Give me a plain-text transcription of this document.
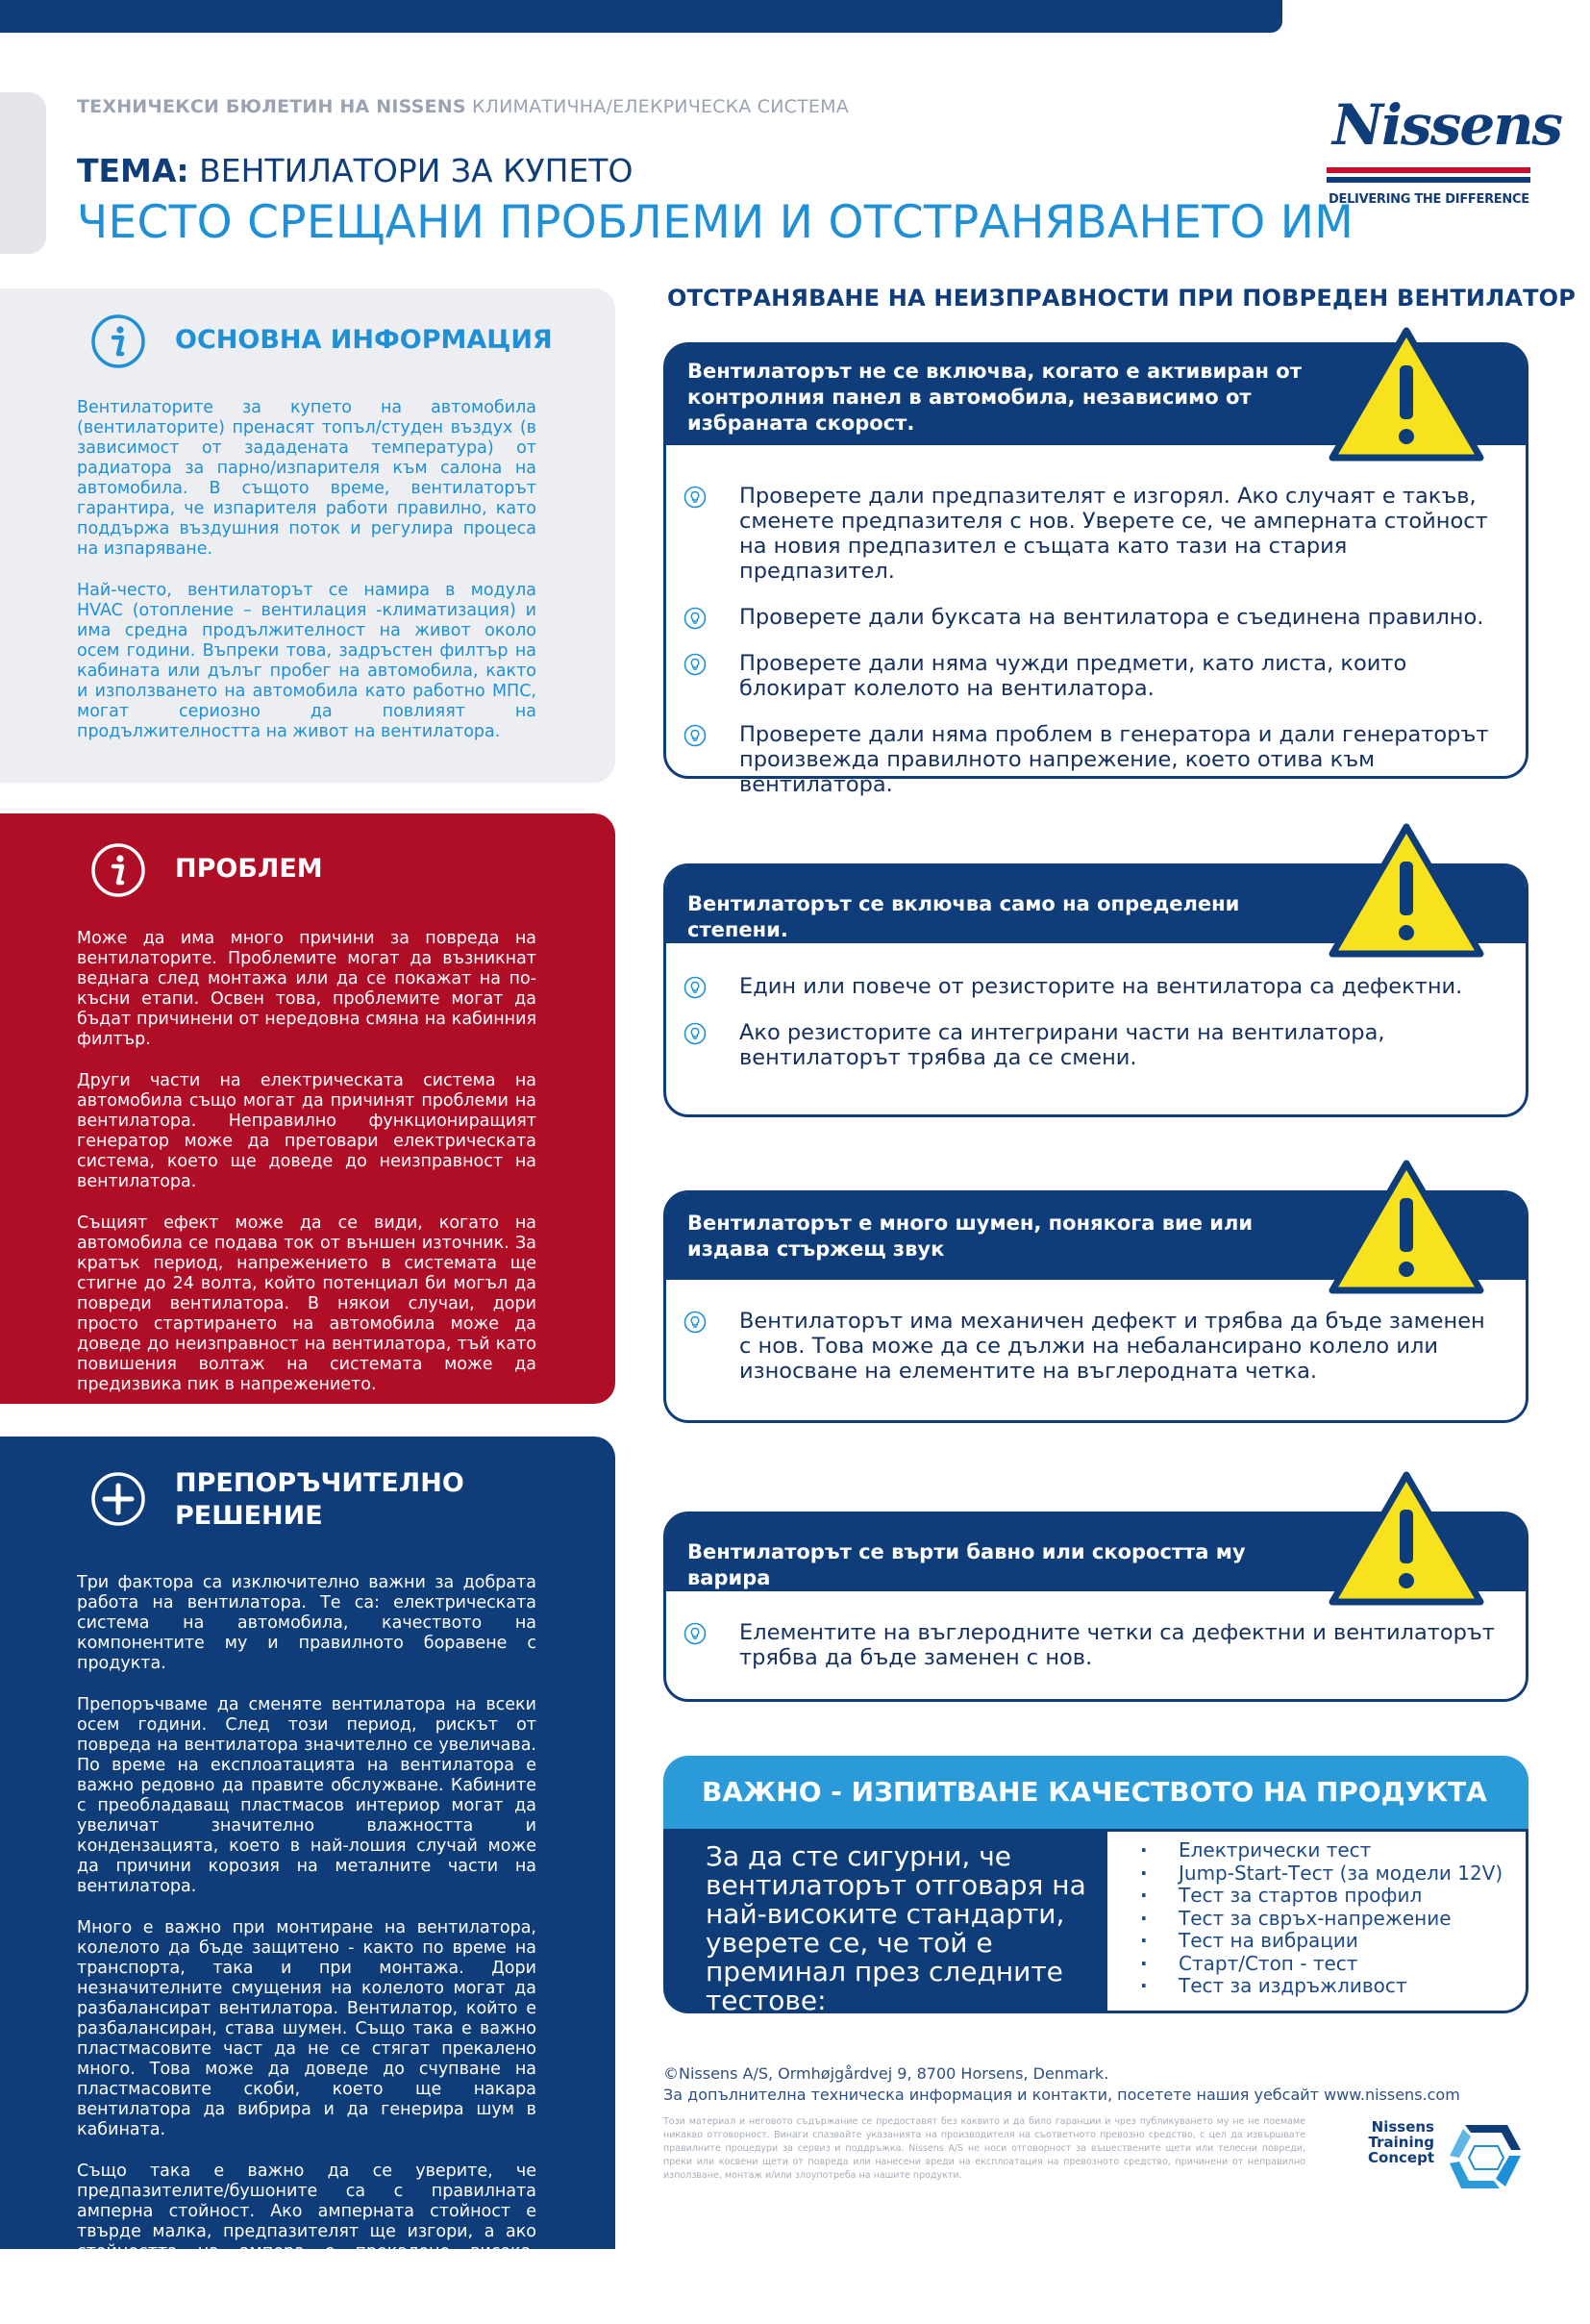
ТЕХНИЧЕКСИ БЮЛЕТИН НА NISSENS КЛИМАТИЧНА/ЕЛЕКРИЧЕСКА СИСТЕМА
ТЕМА: ВЕНТИЛАТОРИ ЗА КУПЕТО
ЧЕСТО СРЕЩАНИ ПРОБЛЕМИ И ОТСТРАНЯВАНЕТО ИМ
Nissens
DELIVERING THE DIFFERENCE
ОСНОВНА ИНФОРМАЦИЯ

Вентилаторите за купето на автомобила (вентилаторите) пренасят топъл/студен въздух (в зависимост от зададената температура) от радиатора за парно/изпарителя към салона на автомобила. В същото време, вентилаторът гарантира, че изпарителя работи правилно, като поддържа въздушния поток и регулира процеса на изпаряване.

Най-често, вентилаторът се намира в модула HVAC (отопление – вентилация -климатизация) и има средна продължителност на живот около осем години. Въпреки това, задръстен филтър на кабината или дълъг пробег на автомобила, както и използването на автомобила като работно МПС, могат сериозно да повлияят на продължителността на живот на вентилатора.

ПРОБЛЕМ

Може да има много причини за повреда на вентилаторите. Проблемите могат да възникнат веднага след монтажа или да се покажат на по-късни етапи. Освен това, проблемите могат да бъдат причинени от нередовна смяна на кабинния филтър.

Други части на електрическата система на автомобила също могат да причинят проблеми на вентилатора. Неправилно функциониращият генератор може да претовари електрическата система, което ще доведе до неизправност на вентилатора.

Същият ефект може да се види, когато на автомобила се подава ток от външен източник. За кратък период, напрежението в системата ще стигне до 24 волта, който потенциал би могъл да повреди вентилатора. В някои случаи, дори просто стартирането на автомобила може да доведе до неизправност на вентилатора, тъй като повишения волтаж на системата може да предизвика пик в напрежението.

ПРЕПОРЪЧИТЕЛНО
РЕШЕНИЕ

Три фактора са изключително важни за добрата работа на вентилатора. Те са: електрическата система на автомобила, качеството на компонентите му и правилното боравене с продукта.

Препоръчваме да сменяте вентилатора на всеки осем години. След този период, рискът от повреда на вентилатора значително се увеличава. По време на експлоатацията на вентилатора е важно редовно да правите обслужване. Кабините с преобладаващ пластмасов интериор могат да увеличат значително влажността и кондензацията, което в най-лошия случай може да причини корозия на металните части на вентилатора.

Много е важно при монтиране на вентилатора, колелото да бъде защитено - както по време на транспорта, така и при монтажа. Дори незначителните смущения на колелото могат да разбалансират вентилатора. Вентилатор, който е разбалансиран, става шумен. Също така е важно пластмасовите част да не се стягат прекалено много. Това може да доведе до счупване на пластмасовите скоби, което ще накара вентилатора да вибрира и да генерира шум в кабината.

Също така е важно да се уверите, че предпазителите/бушоните са с правилната амперна стойност. Ако амперната стойност е твърде малка, предпазителят ще изгори, а ако стойността на ампера е прекалено висока, системата ще презарежда, причинявайки неизправност на вентилатора.

ОТСТРАНЯВАНЕ НА НЕИЗПРАВНОСТИ ПРИ ПОВРЕДЕН ВЕНТИЛАТОР
Вентилаторът не се включва, когато е активиран от контролния панел в автомобила, независимо от избраната скорост.
Проверете дали предпазителят е изгорял. Ако случаят е такъв, сменете предпазителя с нов. Уверете се, че амперната стойност на новия предпазител е същата като тази на стария предпазител.
Проверете дали буксата на вентилатора е съединена правилно.
Проверете дали няма чужди предмети, като листа, които блокират колелото на вентилатора.
Проверете дали няма проблем в генератора и дали генераторът произвежда правилното напрежение, което отива към вентилатора.
Вентилаторът се включва само на определени степени.
Един или повече от резисторите на вентилатора са дефектни.
Ако резисторите са интегрирани части на вентилатора, вентилаторът трябва да се смени.
Вентилаторът е много шумен, понякога вие или издава стържещ звук
Вентилаторът има механичен дефект и трябва да бъде заменен с нов. Това може да се дължи на небалансирано колело или износване на елементите на въглеродната четка.
Вентилаторът се върти бавно или скоростта му варира
Елементите на въглеродните четки са дефектни и вентилаторът трябва да бъде заменен с нов.
ВАЖНО - ИЗПИТВАНЕ КАЧЕСТВОТО НА ПРОДУКТА
За да сте сигурни, че вентилаторът отговаря на най-високите стандарти, уверете се, че той е преминал през следните тестове:
· Електрически тест
· Jump-Start-Тест (за модели 12V)
· Тест за стартов профил
· Тест за свръх-напрежение
· Тест на вибрации
· Старт/Стоп - тест
· Тест за издръжливост
©Nissens A/S, Ormhøjgårdvej 9, 8700 Horsens, Denmark.
За допълнителна техническа информация и контакти, посетете нашия уебсайт www.nissens.com
Този материал и неговото съдържание се предоставят без каквито и да било гаранции и чрез публикуването му не не поемаме никакво отговорност. Винаги спазвайте указанията на производителя на съответното превозно средство, с цел да извършвате правилните процедури за сервиз и поддръжка. Nissens A/S не носи отговорност за въшествените щети или телесни повреди, преки или косвени щети от повреда или нанесени вреди на експлоатация на превозното средство, причинени от неправилно използване, монтаж и/или злоупотреба на нашите продукти.
Nissens Training Concept
